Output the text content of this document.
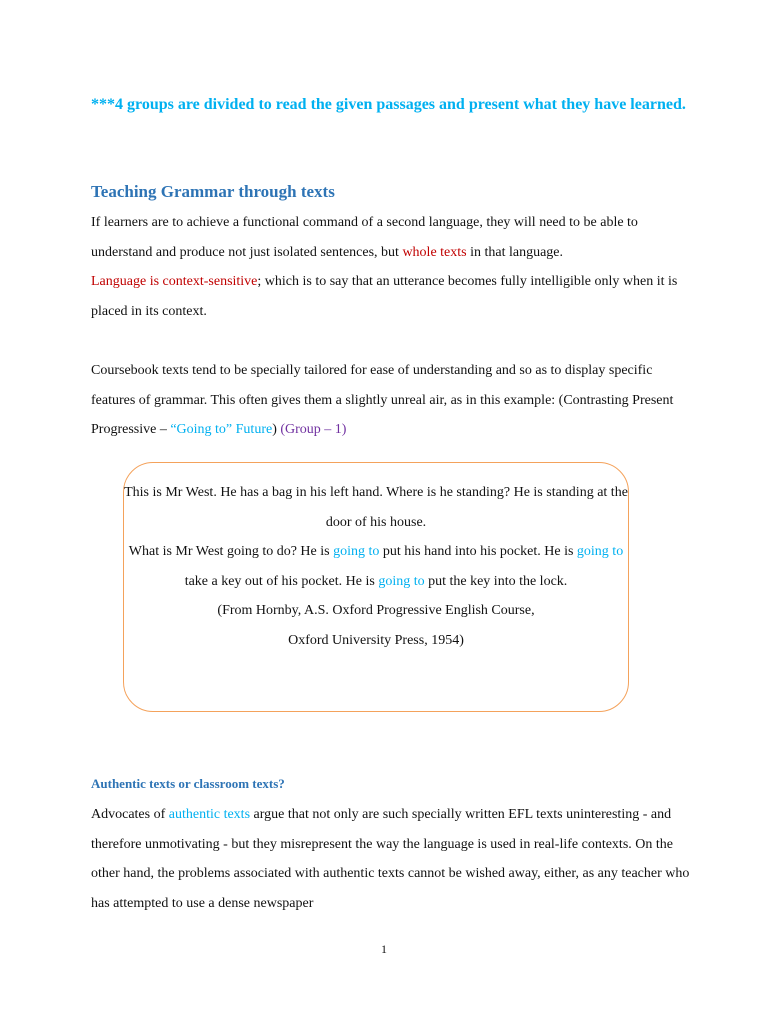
***4 groups are divided to read the given passages and present what they have learned.
Teaching Grammar through texts
If learners are to achieve a functional command of a second language, they will need to be able to understand and produce not just isolated sentences, but whole texts in that language.
Language is context-sensitive; which is to say that an utterance becomes fully intelligible only when it is placed in its context.
Coursebook texts tend to be specially tailored for ease of understanding and so as to display specific features of grammar. This often gives them a slightly unreal air, as in this example: (Contrasting Present Progressive – “Going to” Future) (Group – 1)
This is Mr West. He has a bag in his left hand. Where is he standing? He is standing at the door of his house.
What is Mr West going to do? He is going to put his hand into his pocket. He is going to take a key out of his pocket. He is going to put the key into the lock.
(From Hornby, A.S. Oxford Progressive English Course,
Oxford University Press, 1954)
Authentic texts or classroom texts?
Advocates of authentic texts argue that not only are such specially written EFL texts uninteresting - and therefore unmotivating - but they misrepresent the way the language is used in real-life contexts. On the other hand, the problems associated with authentic texts cannot be wished away, either, as any teacher who has attempted to use a dense newspaper
1
